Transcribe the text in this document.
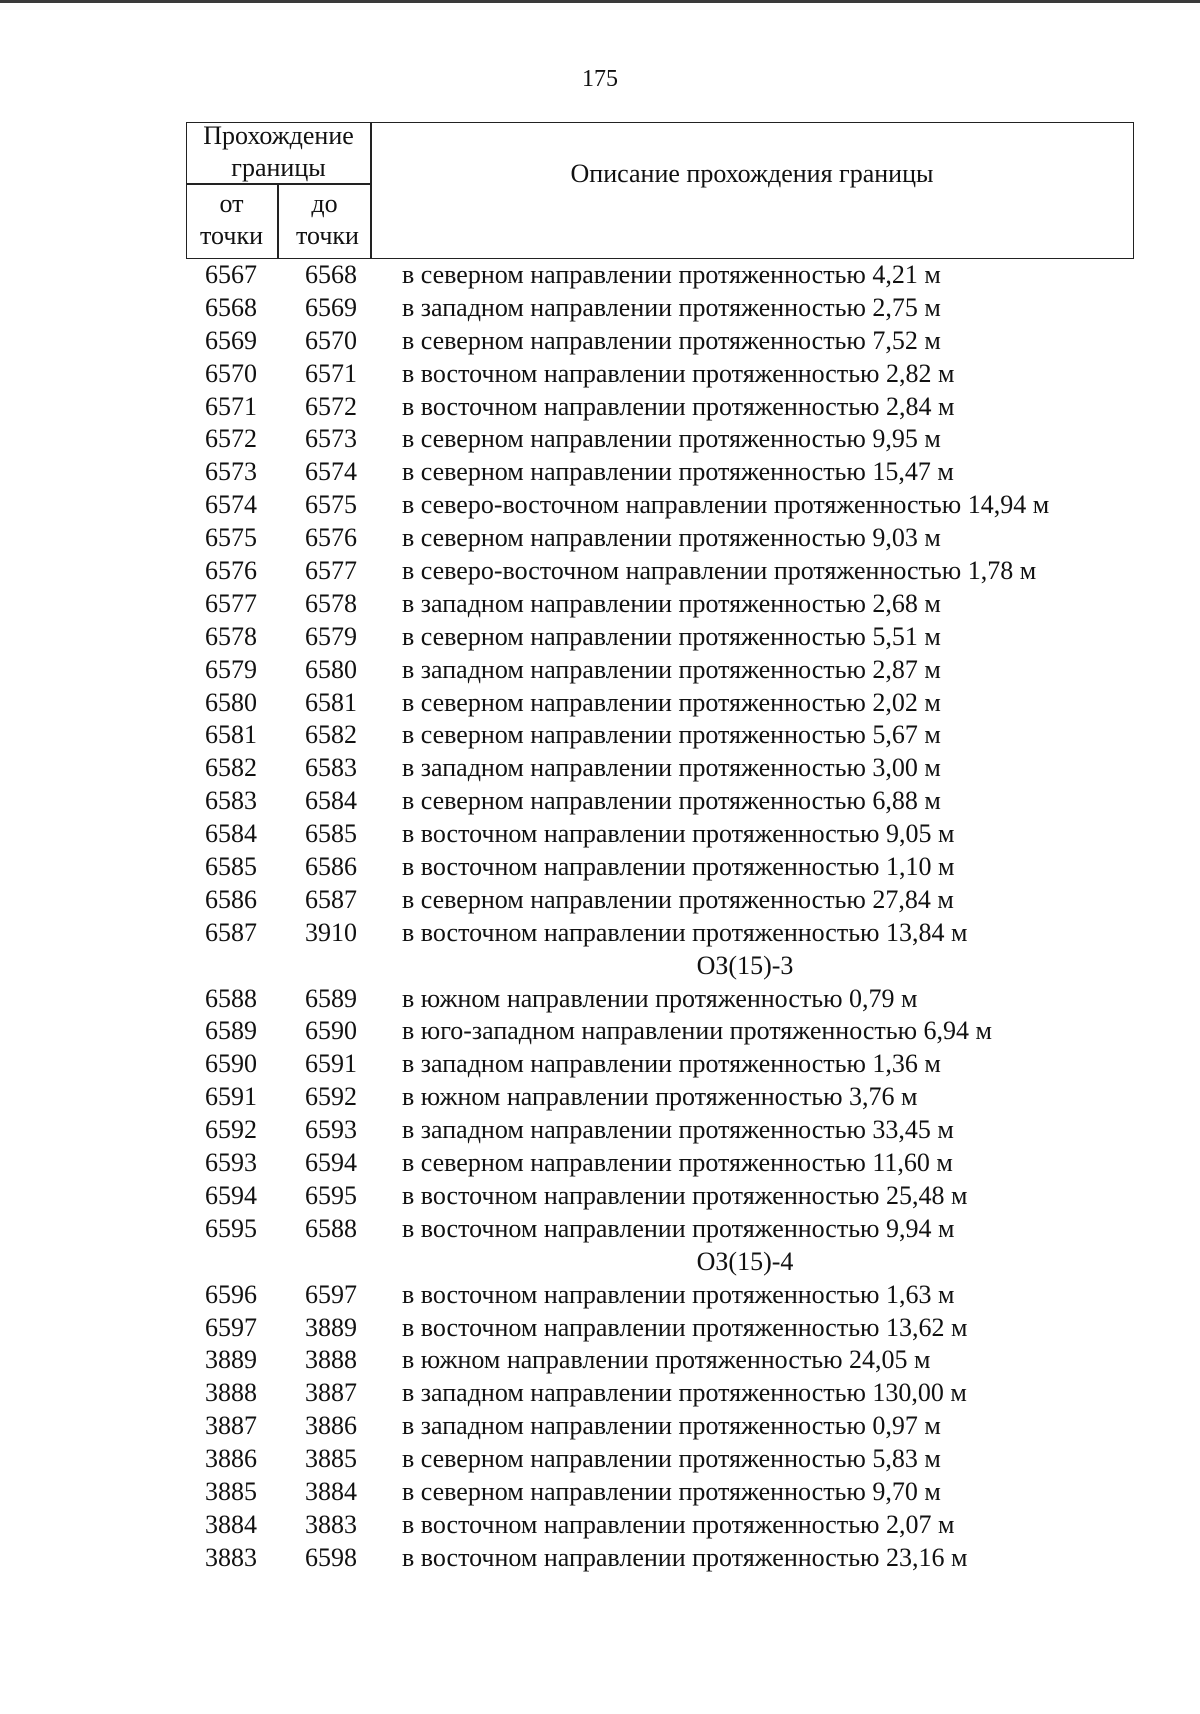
175
Прохождение границы
от точки
до точки
Описание прохождения границы
6567	6568	в северном направлении протяженностью 4,21 м
6568	6569	в западном направлении протяженностью 2,75 м
6569	6570	в северном направлении протяженностью 7,52 м
6570	6571	в восточном направлении протяженностью 2,82 м
6571	6572	в восточном направлении протяженностью 2,84 м
6572	6573	в северном направлении протяженностью 9,95 м
6573	6574	в северном направлении протяженностью 15,47 м
6574	6575	в северо-восточном направлении протяженностью 14,94 м
6575	6576	в северном направлении протяженностью 9,03 м
6576	6577	в северо-восточном направлении протяженностью 1,78 м
6577	6578	в западном направлении протяженностью 2,68 м
6578	6579	в северном направлении протяженностью 5,51 м
6579	6580	в западном направлении протяженностью 2,87 м
6580	6581	в северном направлении протяженностью 2,02 м
6581	6582	в северном направлении протяженностью 5,67 м
6582	6583	в западном направлении протяженностью 3,00 м
6583	6584	в северном направлении протяженностью 6,88 м
6584	6585	в восточном направлении протяженностью 9,05 м
6585	6586	в восточном направлении протяженностью 1,10 м
6586	6587	в северном направлении протяженностью 27,84 м
6587	3910	в восточном направлении протяженностью 13,84 м
ОЗ(15)-3
6588	6589	в южном направлении протяженностью 0,79 м
6589	6590	в юго-западном направлении протяженностью 6,94 м
6590	6591	в западном направлении протяженностью 1,36 м
6591	6592	в южном направлении протяженностью 3,76 м
6592	6593	в западном направлении протяженностью 33,45 м
6593	6594	в северном направлении протяженностью 11,60 м
6594	6595	в восточном направлении протяженностью 25,48 м
6595	6588	в восточном направлении протяженностью 9,94 м
ОЗ(15)-4
6596	6597	в восточном направлении протяженностью 1,63 м
6597	3889	в восточном направлении протяженностью 13,62 м
3889	3888	в южном направлении протяженностью 24,05 м
3888	3887	в западном направлении протяженностью 130,00 м
3887	3886	в западном направлении протяженностью 0,97 м
3886	3885	в северном направлении протяженностью 5,83 м
3885	3884	в северном направлении протяженностью 9,70 м
3884	3883	в восточном направлении протяженностью 2,07 м
3883	6598	в восточном направлении протяженностью 23,16 м
